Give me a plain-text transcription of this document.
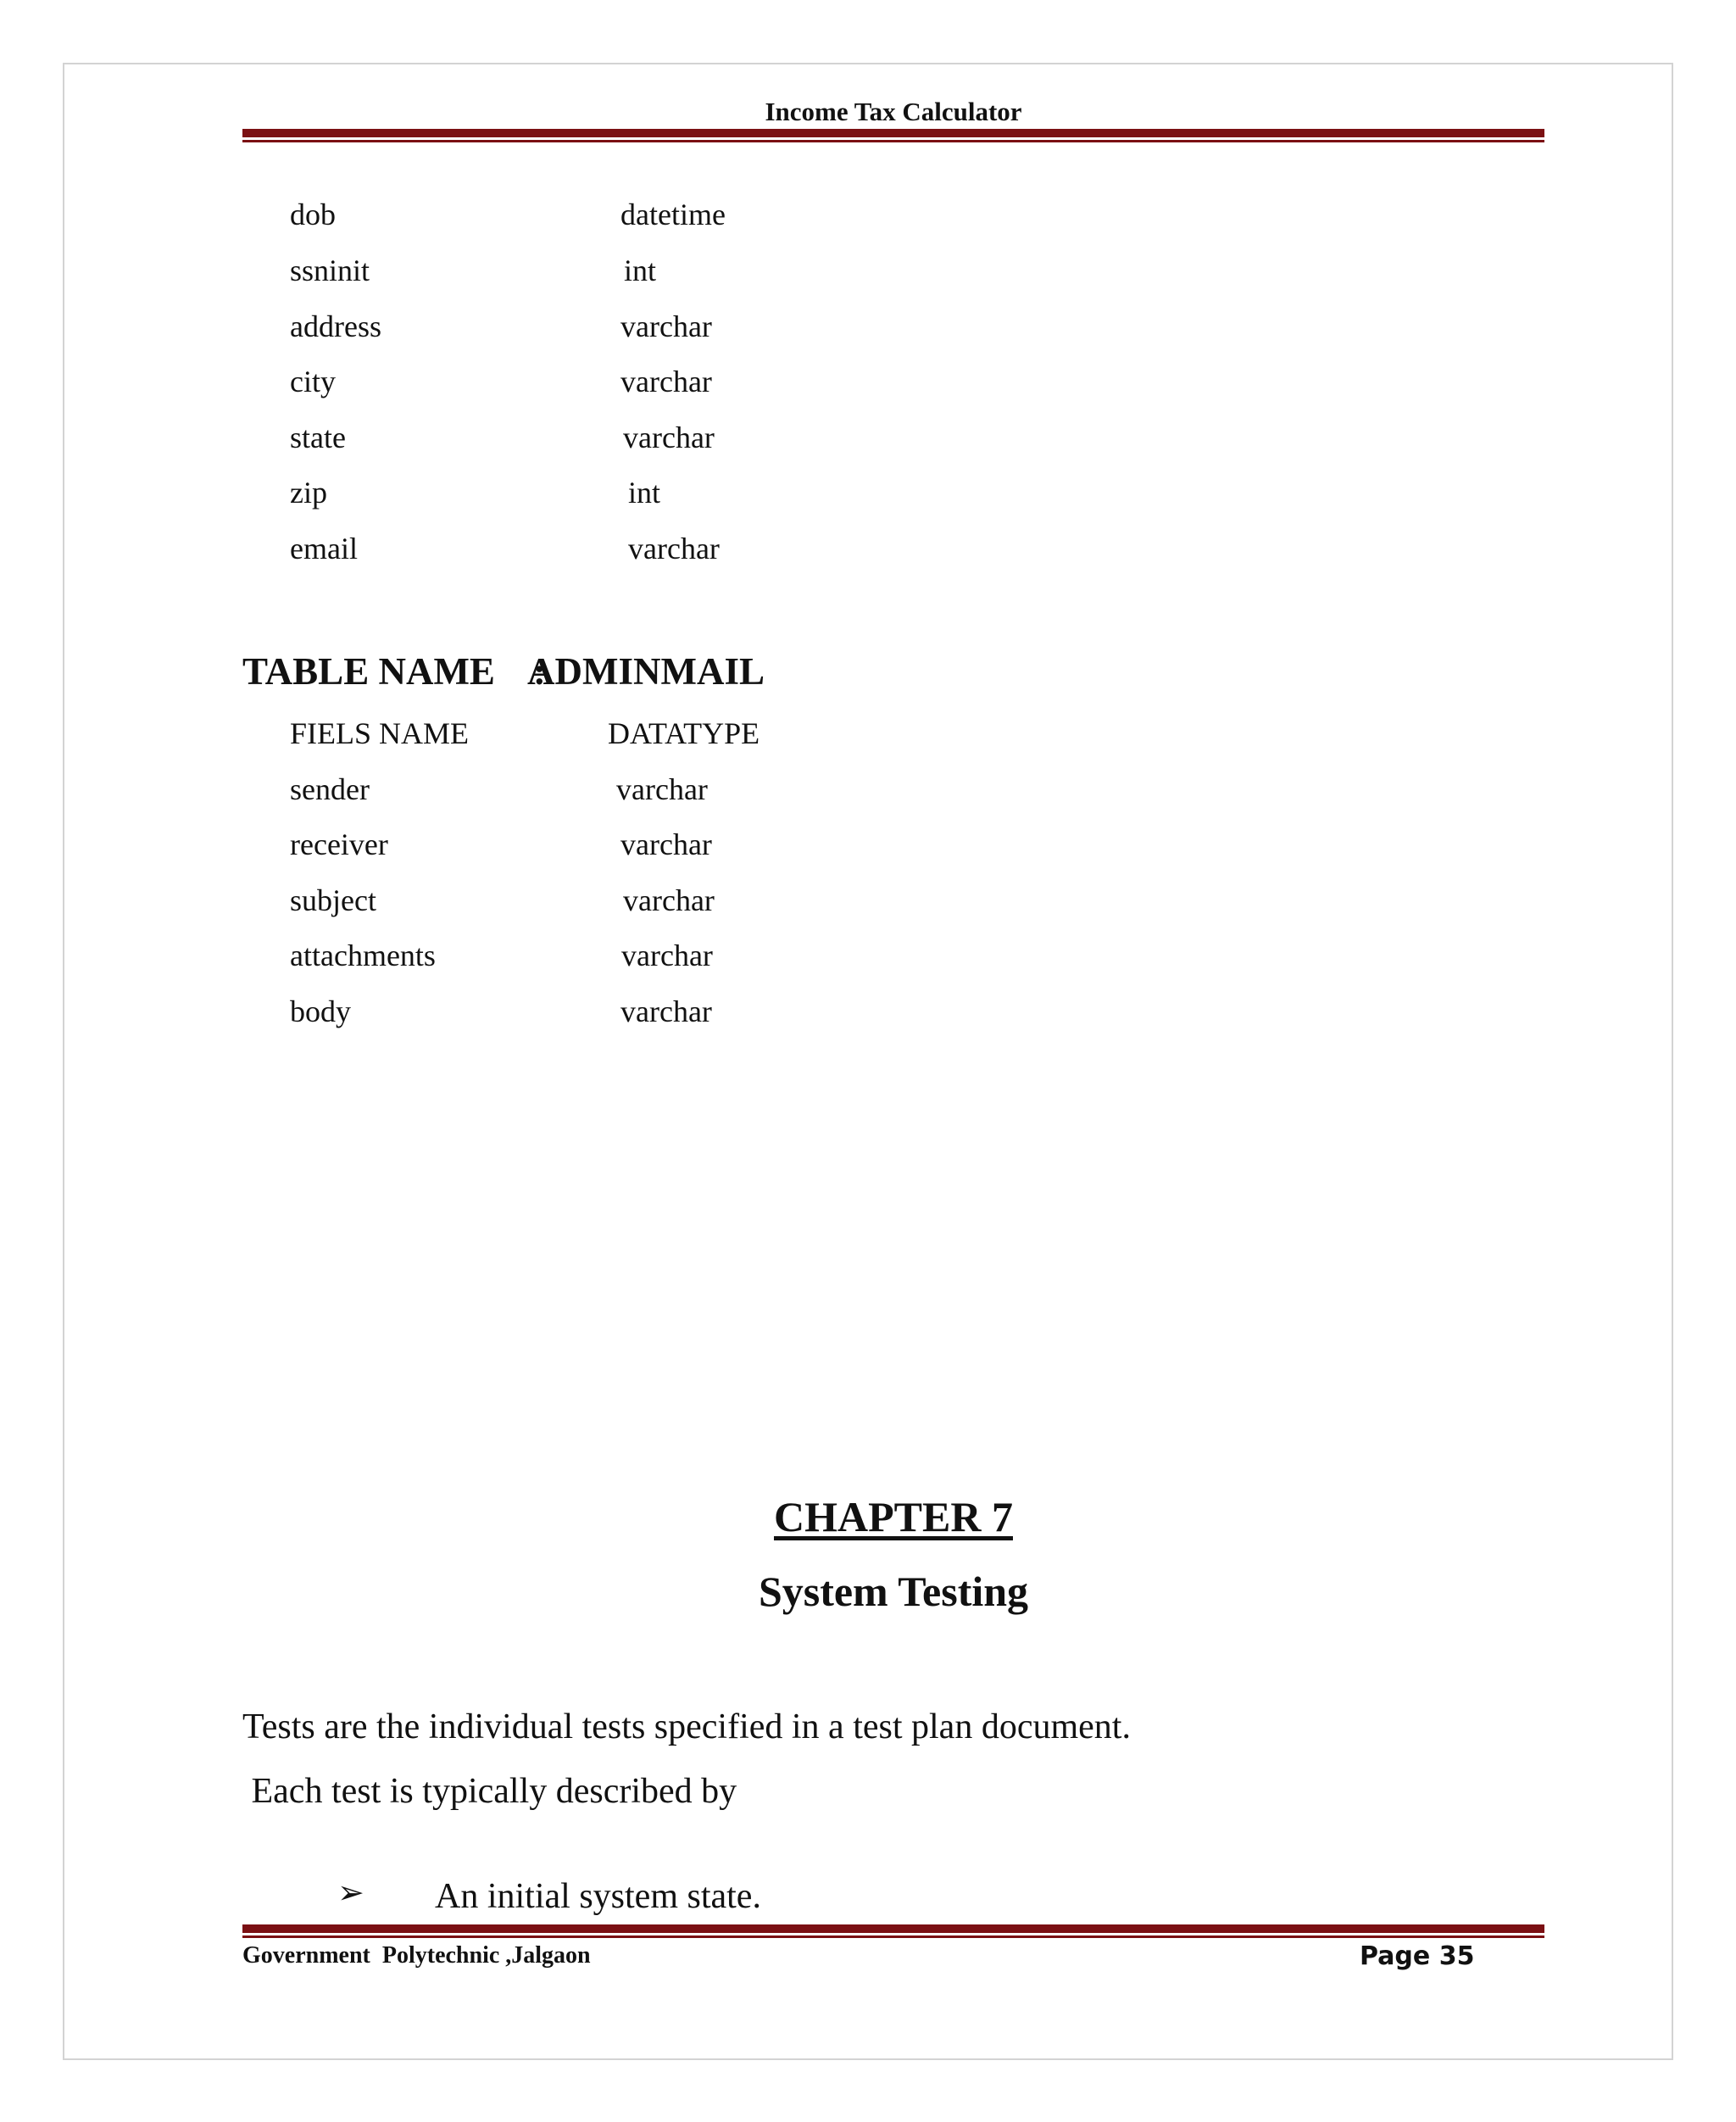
Income Tax Calculator
dob	datetime
ssninit	int
address	varchar
city	varchar
state	varchar
zip	int
email	varchar
TABLE NAME    :
ADMINMAIL
FIELS NAME	DATATYPE
sender	varchar
receiver	varchar
subject	varchar
attachments	varchar
body	varchar
CHAPTER 7
System Testing
Tests are the individual tests specified in a test plan document.
Each test is typically described by
➢ An initial system state.
Government  Polytechnic ,Jalgaon	Page 35
